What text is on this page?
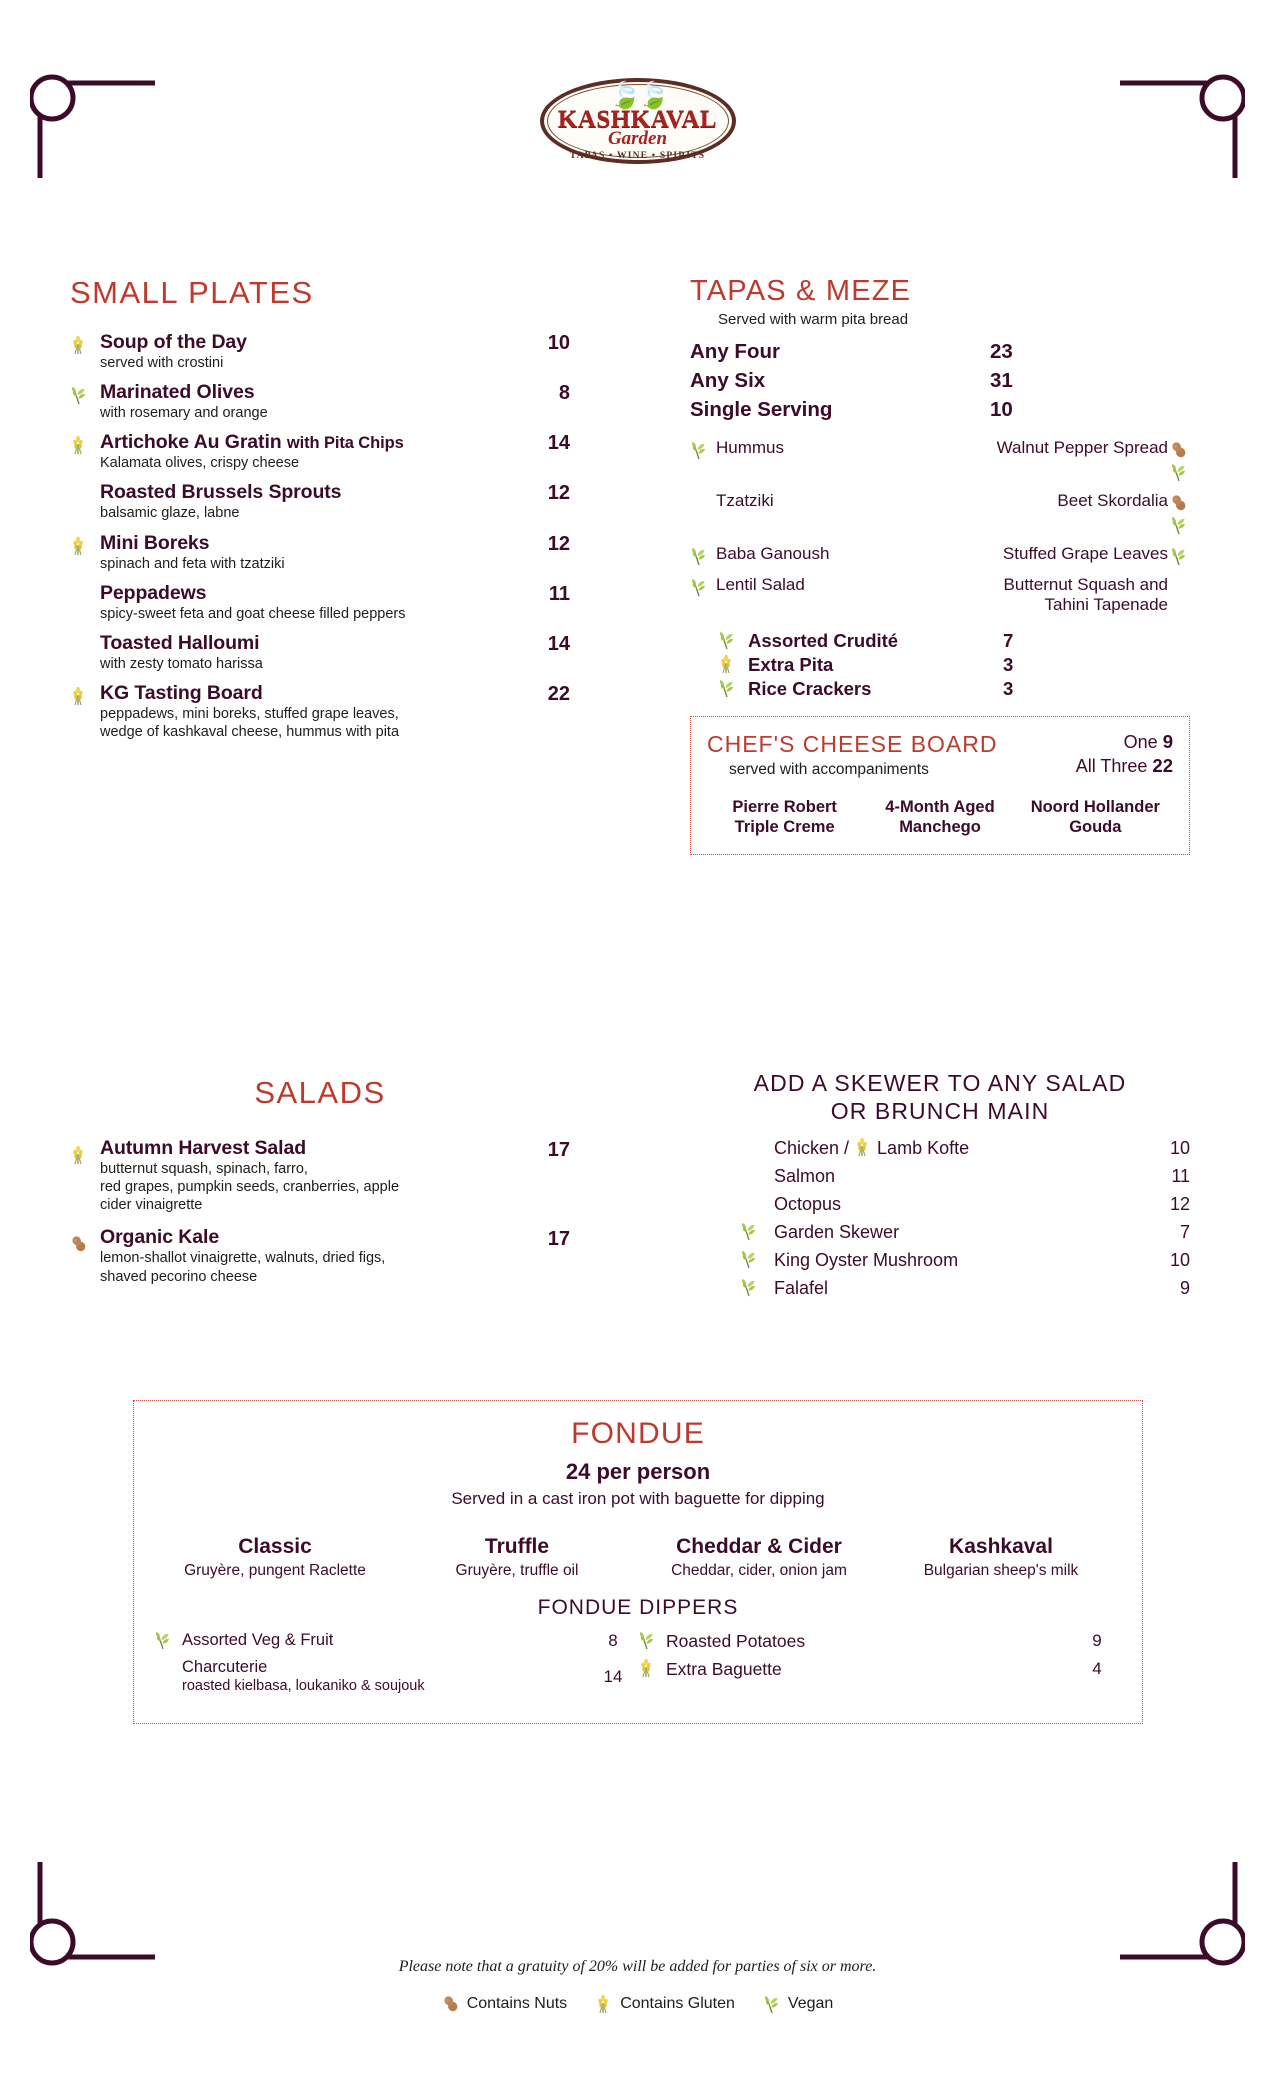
🍃🍃
KASHKAVAL
Garden
TAPAS • WINE • SPIRITS
SMALL PLATES
Soup of the Day
served with crostini
10
Marinated Olives
with rosemary and orange
8
Artichoke Au Gratin with Pita Chips
Kalamata olives, crispy cheese
14
Roasted Brussels Sprouts
balsamic glaze, labne
12
Mini Boreks
spinach and feta with tzatziki
12
Peppadews
spicy-sweet feta and goat cheese filled peppers
11
Toasted Halloumi
with zesty tomato harissa
14
KG Tasting Board
peppadews, mini boreks, stuffed grape leaves,
wedge of kashkaval cheese, hummus with pita
22
SALADS
Autumn Harvest Salad
butternut squash, spinach, farro,
red grapes, pumpkin seeds, cranberries, apple
cider vinaigrette
17
Organic Kale
lemon-shallot vinaigrette, walnuts, dried figs,
shaved pecorino cheese
17
TAPAS & MEZE
Served with warm pita bread
Any Four	23
Any Six	31
Single Serving	10
Hummus	Walnut Pepper Spread
Tzatziki	Beet Skordalia
Baba Ganoush	Stuffed Grape Leaves
Lentil Salad	Butternut Squash and
Tahini Tapenade
Assorted Crudité	7
Extra Pita	3
Rice Crackers	3
CHEF'S CHEESE BOARD
served with accompaniments
One 9
All Three 22
Pierre Robert
Triple Creme
4-Month Aged
Manchego
Noord Hollander
Gouda
ADD A SKEWER TO ANY SALAD
OR BRUNCH MAIN
Chicken /
Lamb Kofte	10
Salmon	11
Octopus	12
Garden Skewer	7
King Oyster Mushroom	10
Falafel	9
FONDUE
24 per person
Served in a cast iron pot with baguette for dipping
Classic
Gruyère, pungent Raclette
Truffle
Gruyère, truffle oil
Cheddar & Cider
Cheddar, cider, onion jam
Kashkaval
Bulgarian sheep's milk
FONDUE DIPPERS
Assorted Veg & Fruit	8
Charcuterie
roasted kielbasa, loukaniko & soujouk
14
Roasted Potatoes	9
Extra Baguette	4
Please note that a gratuity of 20% will be added for parties of six or more.
Contains Nuts	Contains Gluten	Vegan
